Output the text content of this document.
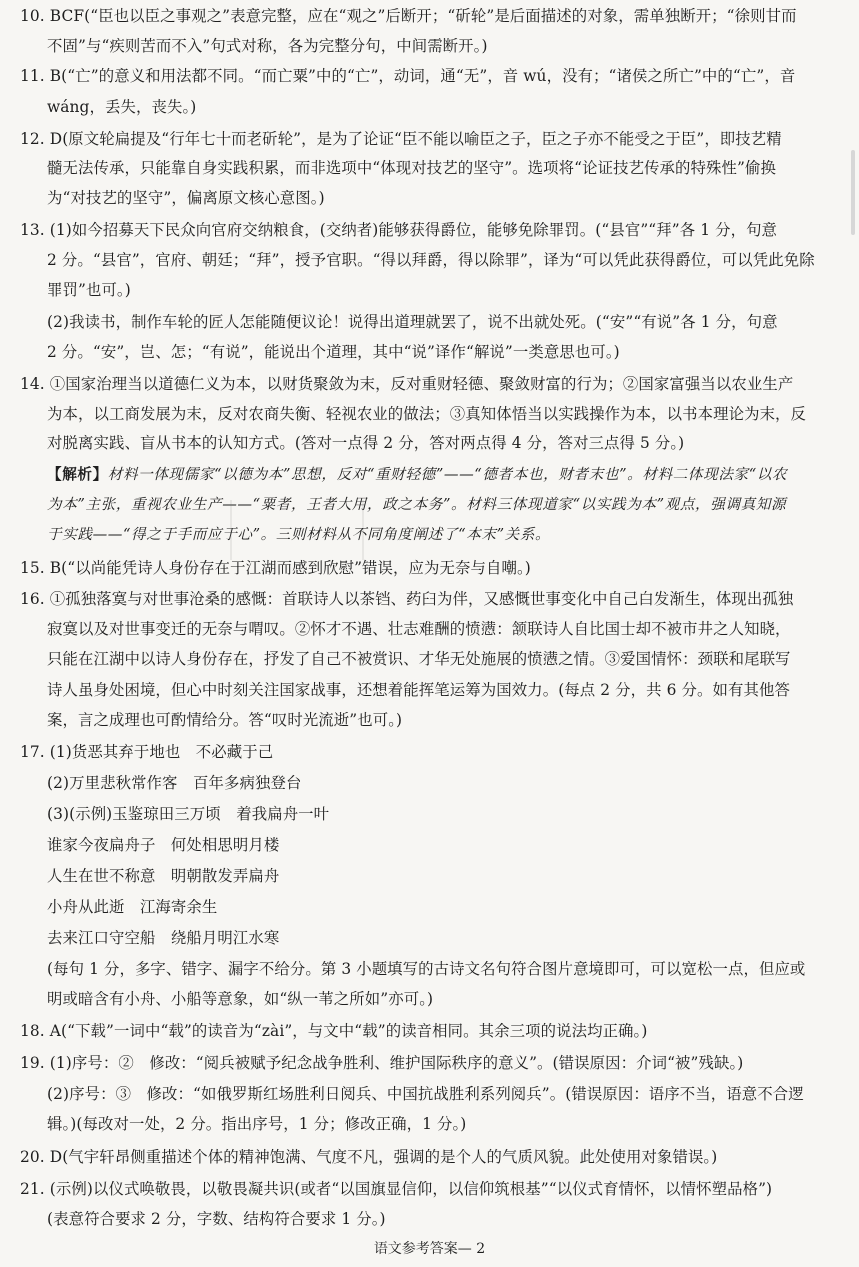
10. BCF(“臣也以臣之事观之”表意完整，应在“观之”后断开；“斫轮”是后面描述的对象，需单独断开；“徐则甘而
不固”与“疾则苦而不入”句式对称，各为完整分句，中间需断开。)
11. B(“亡”的意义和用法都不同。“而亡粟”中的“亡”，动词，通“无”，音 wú，没有；“诸侯之所亡”中的“亡”，音
wáng，丢失，丧失。)
12. D(原文轮扁提及“行年七十而老斫轮”，是为了论证“臣不能以喻臣之子，臣之子亦不能受之于臣”，即技艺精
髓无法传承，只能靠自身实践积累，而非选项中“体现对技艺的坚守”。选项将“论证技艺传承的特殊性”偷换
为“对技艺的坚守”，偏离原文核心意图。)
13. (1)如今招募天下民众向官府交纳粮食，(交纳者)能够获得爵位，能够免除罪罚。(“县官”“拜”各 1 分，句意
2 分。“县官”，官府、朝廷；“拜”，授予官职。“得以拜爵，得以除罪”，译为“可以凭此获得爵位，可以凭此免除
罪罚”也可。)
(2)我读书，制作车轮的匠人怎能随便议论！说得出道理就罢了，说不出就处死。(“安”“有说”各 1 分，句意
2 分。“安”，岂、怎；“有说”，能说出个道理，其中“说”译作“解说”一类意思也可。)
14. ①国家治理当以道德仁义为本，以财货聚敛为末，反对重财轻德、聚敛财富的行为；②国家富强当以农业生产
为本，以工商发展为末，反对农商失衡、轻视农业的做法；③真知体悟当以实践操作为本，以书本理论为末，反
对脱离实践、盲从书本的认知方式。(答对一点得 2 分，答对两点得 4 分，答对三点得 5 分。)
【解析】材料一体现儒家“以德为本”思想，反对“重财轻德”——“德者本也，财者末也”。材料二体现法家“以农
为本”主张，重视农业生产——“粟者，王者大用，政之本务”。材料三体现道家“以实践为本”观点，强调真知源
于实践——“得之于手而应于心”。三则材料从不同角度阐述了“本末”关系。
15. B(“以尚能凭诗人身份存在于江湖而感到欣慰”错误，应为无奈与自嘲。)
16. ①孤独落寞与对世事沧桑的感慨：首联诗人以茶铛、药臼为伴，又感慨世事变化中自己白发渐生，体现出孤独
寂寞以及对世事变迁的无奈与喟叹。②怀才不遇、壮志难酬的愤懑：颔联诗人自比国士却不被市井之人知晓，
只能在江湖中以诗人身份存在，抒发了自己不被赏识、才华无处施展的愤懑之情。③爱国情怀：颈联和尾联写
诗人虽身处困境，但心中时刻关注国家战事，还想着能挥笔运筹为国效力。(每点 2 分，共 6 分。如有其他答
案，言之成理也可酌情给分。答“叹时光流逝”也可。)
17. (1)货恶其弃于地也　不必藏于己
(2)万里悲秋常作客　百年多病独登台
(3)(示例)玉鉴琼田三万顷　着我扁舟一叶
谁家今夜扁舟子　何处相思明月楼
人生在世不称意　明朝散发弄扁舟
小舟从此逝　江海寄余生
去来江口守空船　绕船月明江水寒
(每句 1 分，多字、错字、漏字不给分。第 3 小题填写的古诗文名句符合图片意境即可，可以宽松一点，但应或
明或暗含有小舟、小船等意象，如“纵一苇之所如”亦可。)
18. A(“下载”一词中“载”的读音为“zài”，与文中“载”的读音相同。其余三项的说法均正确。)
19. (1)序号：②　修改：“阅兵被赋予纪念战争胜利、维护国际秩序的意义”。(错误原因：介词“被”残缺。)
(2)序号：③　修改：“如俄罗斯红场胜利日阅兵、中国抗战胜利系列阅兵”。(错误原因：语序不当，语意不合逻
辑。)(每改对一处，2 分。指出序号，1 分；修改正确，1 分。)
20. D(气宇轩昂侧重描述个体的精神饱满、气度不凡，强调的是个人的气质风貌。此处使用对象错误。)
21. (示例)以仪式唤敬畏，以敬畏凝共识(或者“以国旗显信仰，以信仰筑根基”“以仪式育情怀，以情怀塑品格”)
(表意符合要求 2 分，字数、结构符合要求 1 分。)
语文参考答案— 2
